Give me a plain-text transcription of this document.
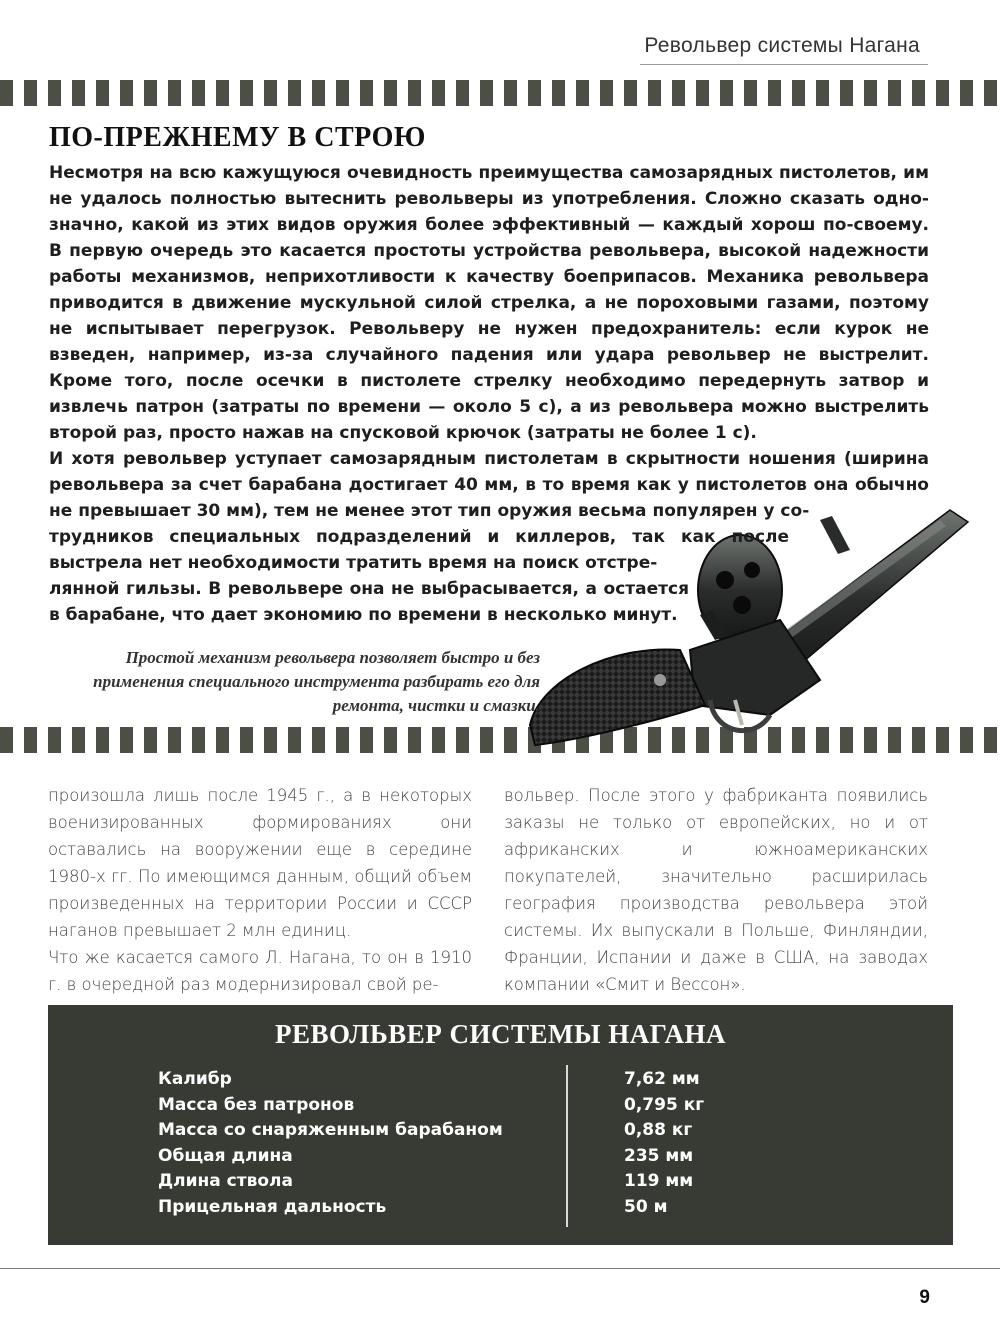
Револьвер системы Нагана
ПО-ПРЕЖНЕМУ В СТРОЮ

Несмотря на всю кажущуюся очевидность преимущества самозарядных пистолетов, им не удалось полностью вытеснить револьверы из употребления. Сложно сказать одно-значно, какой из этих видов оружия более эффективный — каждый хорош по-своему. В первую очередь это касается простоты устройства револьвера, высокой надежности работы механизмов, неприхотливости к качеству боеприпасов. Механика револьвера приводится в движение мускульной силой стрелка, а не пороховыми газами, поэтому не испытывает перегрузок. Револьверу не нужен предохранитель: если курок не взведен, например, из-за случайного падения или удара револьвер не выстрелит. Кроме того, после осечки в пистолете стрелку необходимо передернуть затвор и извлечь патрон (затраты по времени — около 5 с), а из револьвера можно выстрелить второй раз, просто нажав на спусковой крючок (затраты не более 1 с).

И хотя револьвер уступает самозарядным пистолетам в скрытности ношения (ширина револьвера за счет барабана достигает 40 мм, в то время как у пистолетов она обычно не превышает 30 мм), тем не менее этот тип оружия весьма популярен у со-

трудников специальных подразделений и киллеров, так как после выстрела нет необходимости тратить время на поиск отстре-

лянной гильзы. В револьвере она не выбрасывается, а остается в барабане, что дает экономию по времени в несколько минут.

Простой механизм револьвера позволяет быстро и без применения специального инструмента разбирать его для ремонта, чистки и смазки.

произошла лишь после 1945 г., а в некоторых военизированных формированиях они оставались на вооружении еще в середине 1980-х гг. По имеющимся данным, общий объем произведенных на территории России и СССР наганов превышает 2 млн единиц.

Что же касается самого Л. Нагана, то он в 1910 г. в очередной раз модернизировал свой ре-

вольвер. После этого у фабриканта появились заказы не только от европейских, но и от африканских и южноамериканских покупателей, значительно расширилась география производства револьвера этой системы. Их выпускали в Польше, Финляндии, Франции, Испании и даже в США, на заводах компании «Смит и Вессон».

РЕВОЛЬВЕР СИСТЕМЫ НАГАНА
Калибр	7,62 мм
Масса без патронов	0,795 кг
Масса со снаряженным барабаном	0,88 кг
Общая длина	235 мм
Длина ствола	119 мм
Прицельная дальность	50 м
9
